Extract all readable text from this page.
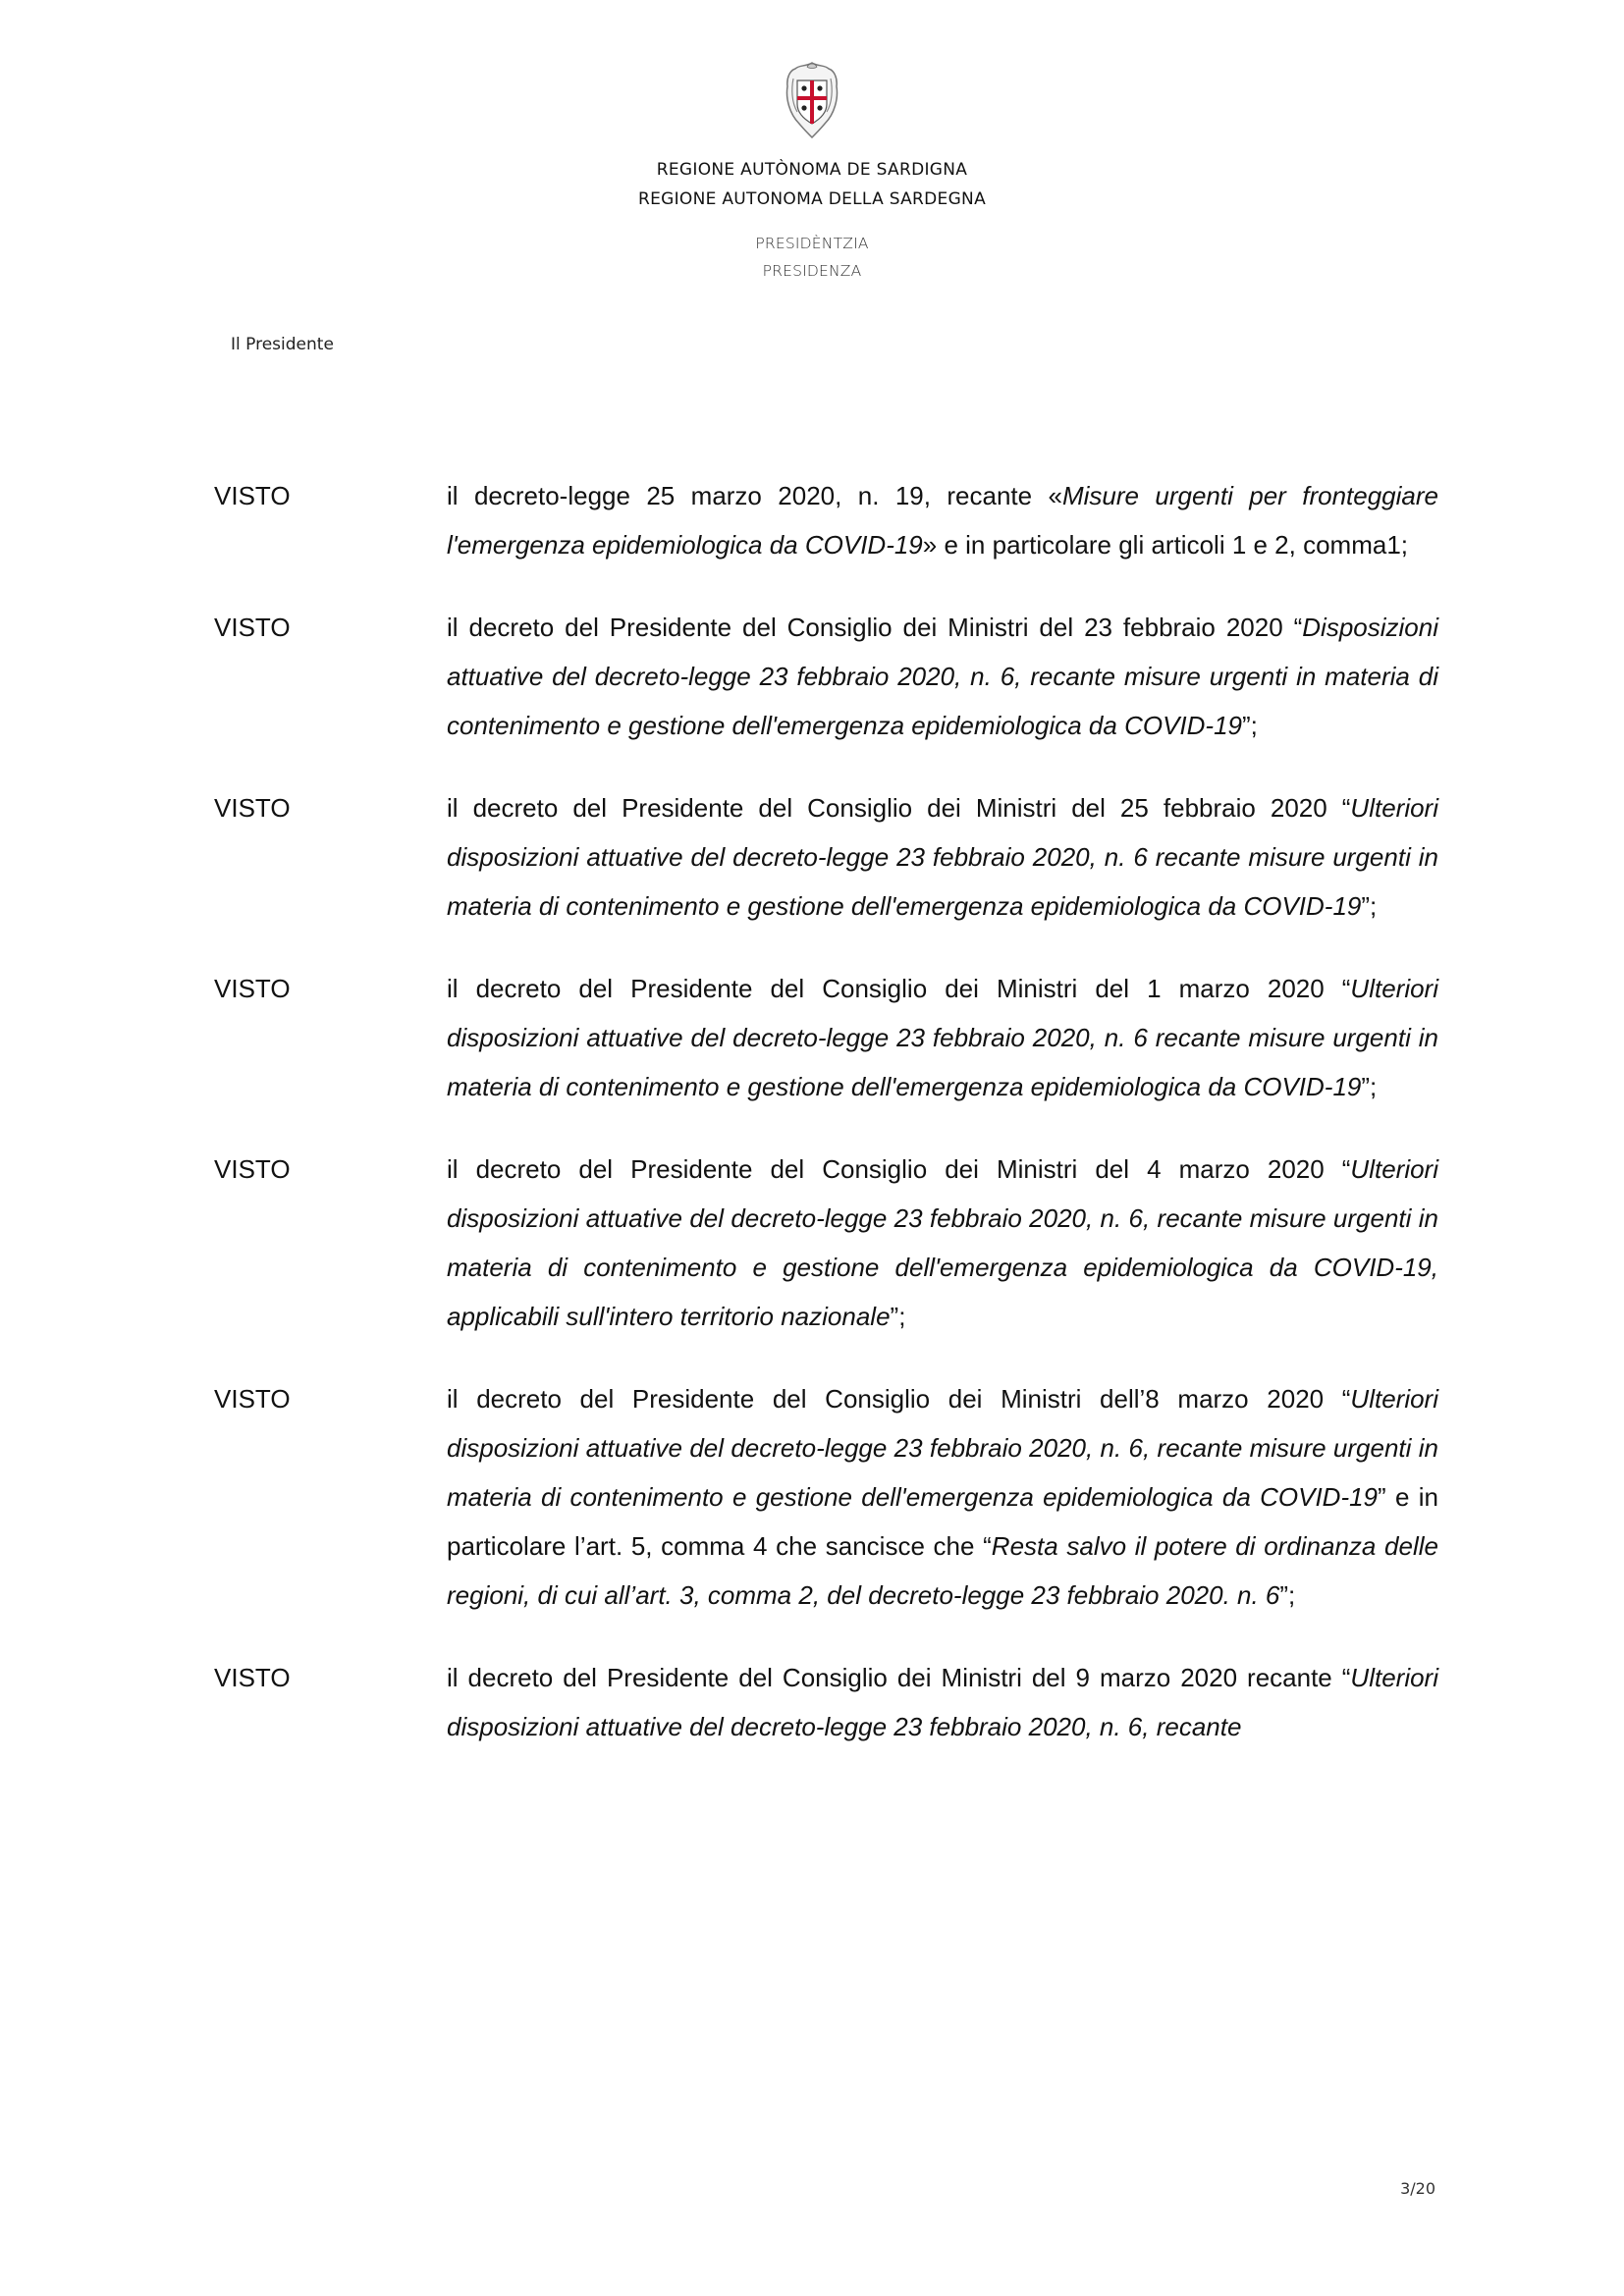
REGIONE AUTÒNOMA DE SARDIGNA
REGIONE AUTONOMA DELLA SARDEGNA
PRESIDÈNTZIA
PRESIDENZA
Il Presidente
VISTO	il decreto-legge 25 marzo 2020, n. 19, recante «Misure urgenti per fronteggiare l'emergenza epidemiologica da COVID-19» e in particolare gli articoli 1 e 2, comma1;
VISTO	il decreto del Presidente del Consiglio dei Ministri del 23 febbraio 2020 “Disposizioni attuative del decreto-legge 23 febbraio 2020, n. 6, recante misure urgenti in materia di contenimento e gestione dell'emergenza epidemiologica da COVID-19”;
VISTO	il decreto del Presidente del Consiglio dei Ministri del 25 febbraio 2020 “Ulteriori disposizioni attuative del decreto-legge 23 febbraio 2020, n. 6 recante misure urgenti in materia di contenimento e gestione dell'emergenza epidemiologica da COVID-19”;
VISTO	il decreto del Presidente del Consiglio dei Ministri del 1 marzo 2020 “Ulteriori disposizioni attuative del decreto-legge 23 febbraio 2020, n. 6 recante misure urgenti in materia di contenimento e gestione dell'emergenza epidemiologica da COVID-19”;
VISTO	il decreto del Presidente del Consiglio dei Ministri del 4 marzo 2020 “Ulteriori disposizioni attuative del decreto-legge 23 febbraio 2020, n. 6, recante misure urgenti in materia di contenimento e gestione dell'emergenza epidemiologica da COVID-19, applicabili sull'intero territorio nazionale”;
VISTO	il decreto del Presidente del Consiglio dei Ministri dell’8 marzo 2020 “Ulteriori disposizioni attuative del decreto-legge 23 febbraio 2020, n. 6, recante misure urgenti in materia di contenimento e gestione dell'emergenza epidemiologica da COVID-19” e in particolare l’art. 5, comma 4 che sancisce che “Resta salvo il potere di ordinanza delle regioni, di cui all’art. 3, comma 2, del decreto-legge 23 febbraio 2020. n. 6”;
VISTO	il decreto del Presidente del Consiglio dei Ministri del 9 marzo 2020 recante “Ulteriori disposizioni attuative del decreto-legge 23 febbraio 2020, n. 6, recante
3/20
